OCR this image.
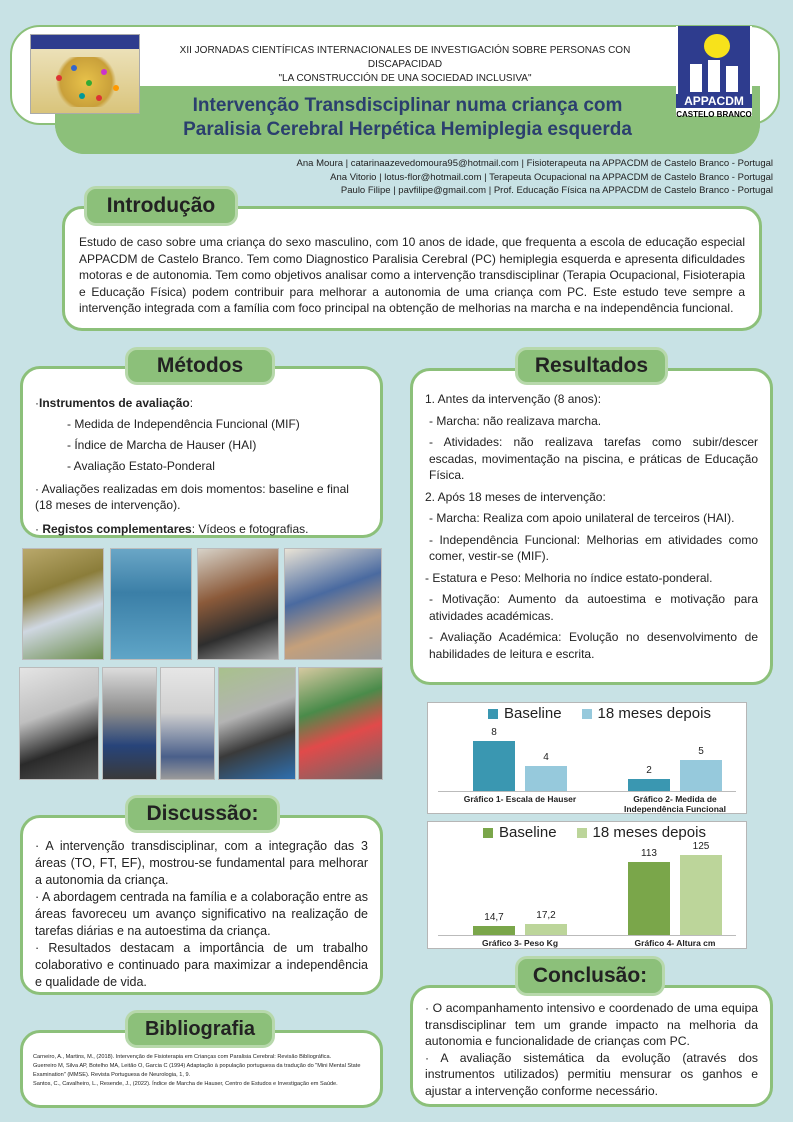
Intervenção Transdisciplinar numa criança com
Paralisia Cerebral Herpética Hemiplegia esquerda
XII JORNADAS CIENTÍFICAS INTERNACIONALES DE INVESTIGACIÓN SOBRE PERSONAS CON DISCAPACIDAD
"LA CONSTRUCCIÓN DE UNA SOCIEDAD INCLUSIVA"
APPACDM
CASTELO BRANCO
Ana Moura | catarinaazevedomoura95@hotmail.com | Fisioterapeuta na APPACDM de Castelo Branco - Portugal
Ana Vitorio | lotus-flor@hotmail.com | Terapeuta Ocupacional na APPACDM de Castelo Branco - Portugal
Paulo Filipe | pavfilipe@gmail.com | Prof. Educação Física na APPACDM de Castelo Branco - Portugal
Estudo de caso sobre uma criança do sexo masculino, com 10 anos de idade, que frequenta a escola de educação especial APPACDM de Castelo Branco. Tem como Diagnostico Paralisia Cerebral (PC) hemiplegia esquerda e apresenta dificuldades motoras e de autonomia. Tem como objetivos analisar como a intervenção transdisciplinar (Terapia Ocupacional, Fisioterapia e Educação Física) podem contribuir para melhorar a autonomia de uma criança com PC. Este estudo teve sempre a intervenção integrada com a família com foco principal na obtenção de melhorias na marcha e na independência funcional.
Introdução
·Instrumentos de avaliação:
- Medida de Independência Funcional (MIF)
- Índice de Marcha de Hauser (HAI)
- Avaliação Estato-Ponderal
· Avaliações realizadas em dois momentos: baseline e final (18 meses de intervenção).
· Registos complementares: Vídeos e fotografias.
Métodos
· A intervenção transdisciplinar, com a integração das 3 áreas (TO, FT, EF), mostrou-se fundamental para melhorar a autonomia da criança.
· A abordagem centrada na família e a colaboração entre as áreas favoreceu um avanço significativo na realização de tarefas diárias e na autoestima da criança.
· Resultados destacam a importância de um trabalho colaborativo e continuado para maximizar a independência e qualidade de vida.
Discussão:
Carneiro, A., Martins, M., (2018). Intervenção de Fisioterapia em Crianças com Paralisia Cerebral: Revisão Bibliográfica.
Guerreiro M, Silva AP, Botelho MA, Leitão O, Garcia C (1994) Adaptação à população portuguesa da tradução do "Mini Mental State Examination" (MMSE). Revista Portuguesa de Neurologia, 1, 9.
Santos, C., Cavalheiro, L., Resende, J., (2022). Índice de Marcha de Hauser, Centro de Estudos e Investigação em Saúde.
Bibliografia
1. Antes da intervenção (8 anos):
- Marcha: não realizava marcha.
- Atividades: não realizava tarefas como subir/descer escadas, movimentação na piscina, e práticas de Educação Física.
2. Após 18 meses de intervenção:
- Marcha: Realiza com apoio unilateral de terceiros (HAI).
- Independência Funcional: Melhorias em atividades como comer, vestir-se (MIF).
- Estatura e Peso: Melhoria no índice estato-ponderal.
- Motivação: Aumento da autoestima e motivação para atividades académicas.
- Avaliação Académica: Evolução no desenvolvimento de habilidades de leitura e escrita.
Resultados
Baseline 18 meses depois
8
4
Gráfico 1- Escala de Hauser
2
5
Gráfico 2- Medida de Independência Funcional
Baseline 18 meses depois
14,7	17,2
Gráfico 3- Peso Kg
113
125
Gráfico 4- Altura cm
· O acompanhamento intensivo e coordenado de uma equipa transdisciplinar tem um grande impacto na melhoria da autonomia e funcionalidade de crianças com PC.
· A avaliação sistemática da evolução (através dos instrumentos utilizados) permitiu mensurar os ganhos e ajustar a intervenção conforme necessário.
Conclusão:
